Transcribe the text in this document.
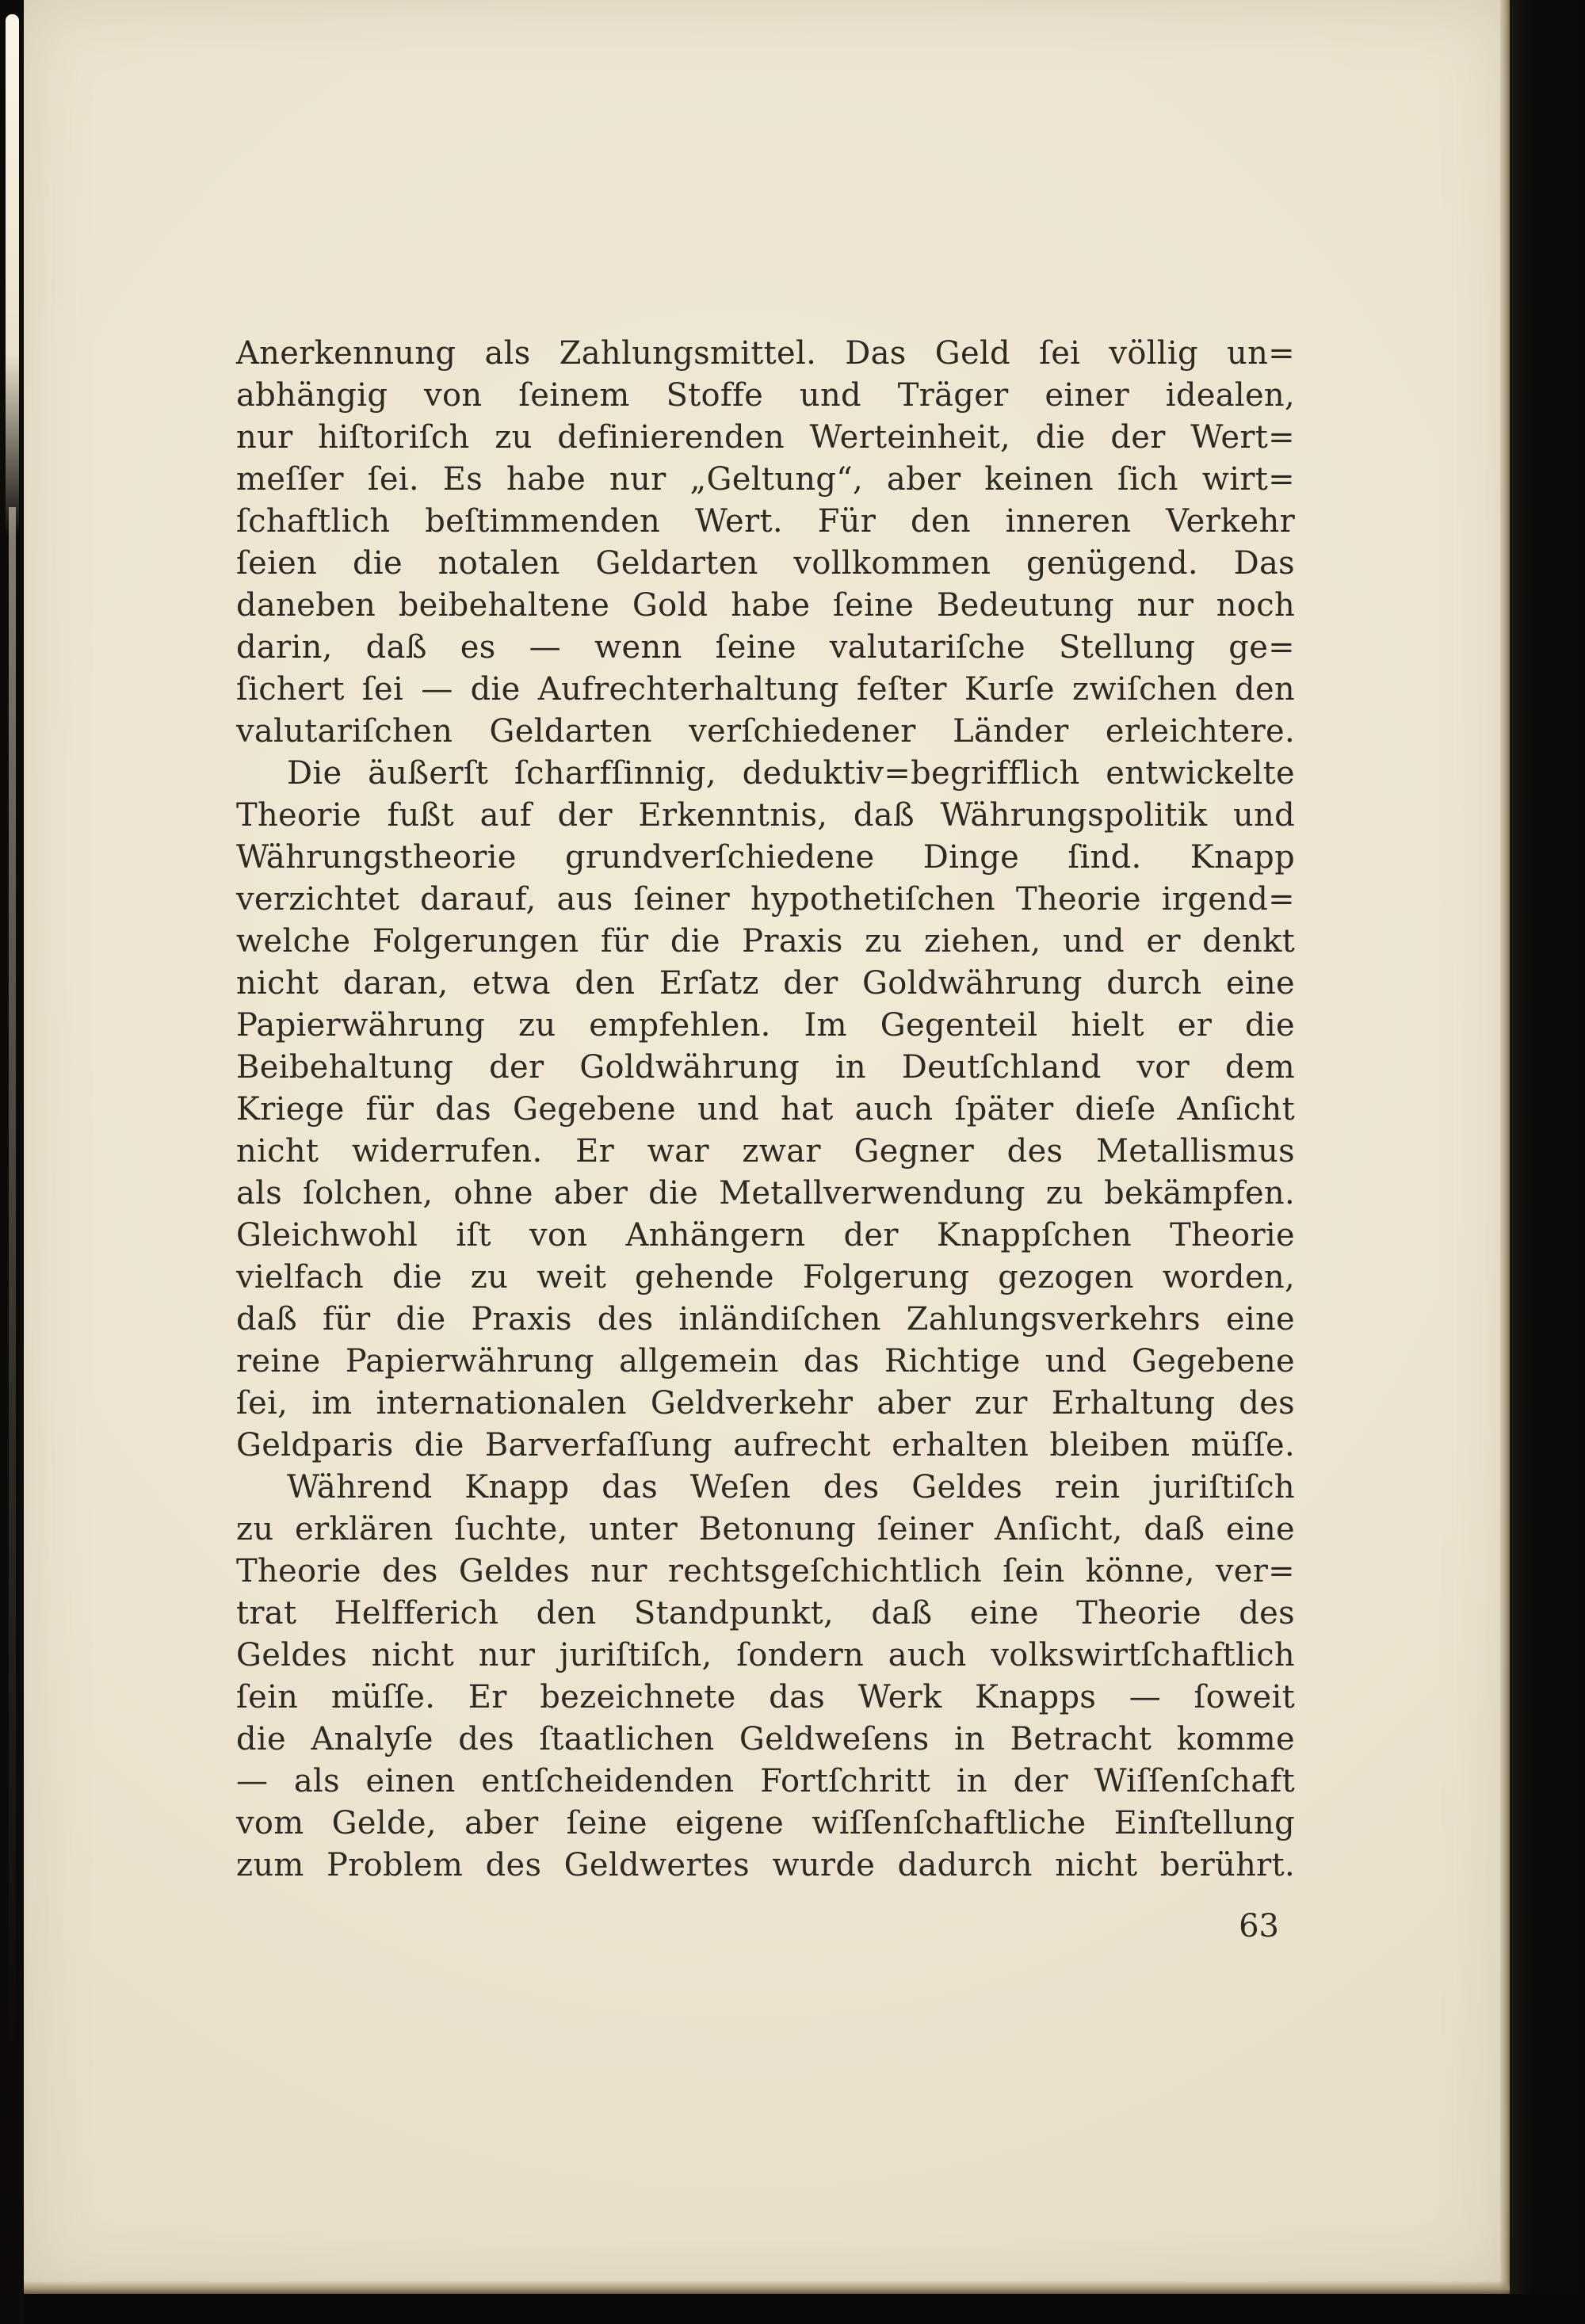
Anerkennung als Zahlungsmittel. Das Geld ſei völlig un=
abhängig von ſeinem Stoffe und Träger einer idealen,
nur hiſtoriſch zu definierenden Werteinheit, die der Wert=
meſſer ſei. Es habe nur „Geltung“, aber keinen ſich wirt=
ſchaftlich beſtimmenden Wert. Für den inneren Verkehr
ſeien die notalen Geldarten vollkommen genügend. Das
daneben beibehaltene Gold habe ſeine Bedeutung nur noch
darin, daß es — wenn ſeine valutariſche Stellung ge=
ſichert ſei — die Aufrechterhaltung feſter Kurſe zwiſchen den
valutariſchen Geldarten verſchiedener Länder erleichtere.
Die äußerſt ſcharfſinnig, deduktiv=begrifflich entwickelte
Theorie fußt auf der Erkenntnis, daß Währungspolitik und
Währungstheorie grundverſchiedene Dinge ſind. Knapp
verzichtet darauf, aus ſeiner hypothetiſchen Theorie irgend=
welche Folgerungen für die Praxis zu ziehen, und er denkt
nicht daran, etwa den Erſatz der Goldwährung durch eine
Papierwährung zu empfehlen. Im Gegenteil hielt er die
Beibehaltung der Goldwährung in Deutſchland vor dem
Kriege für das Gegebene und hat auch ſpäter dieſe Anſicht
nicht widerrufen. Er war zwar Gegner des Metallismus
als ſolchen, ohne aber die Metallverwendung zu bekämpfen.
Gleichwohl iſt von Anhängern der Knappſchen Theorie
vielfach die zu weit gehende Folgerung gezogen worden,
daß für die Praxis des inländiſchen Zahlungsverkehrs eine
reine Papierwährung allgemein das Richtige und Gegebene
ſei, im internationalen Geldverkehr aber zur Erhaltung des
Geldparis die Barverfaſſung aufrecht erhalten bleiben müſſe.
Während Knapp das Weſen des Geldes rein juriſtiſch
zu erklären ſuchte, unter Betonung ſeiner Anſicht, daß eine
Theorie des Geldes nur rechtsgeſchichtlich ſein könne, ver=
trat Helfferich den Standpunkt, daß eine Theorie des
Geldes nicht nur juriſtiſch, ſondern auch volkswirtſchaftlich
ſein müſſe. Er bezeichnete das Werk Knapps — ſoweit
die Analyſe des ſtaatlichen Geldweſens in Betracht komme
— als einen entſcheidenden Fortſchritt in der Wiſſenſchaft
vom Gelde, aber ſeine eigene wiſſenſchaftliche Einſtellung
zum Problem des Geldwertes wurde dadurch nicht berührt.
63
